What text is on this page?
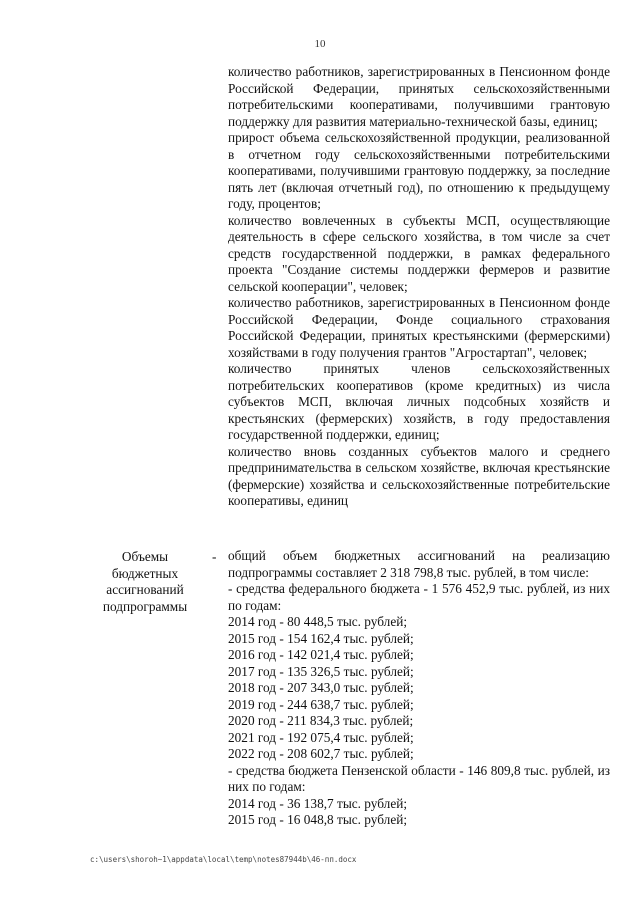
10

количество работников, зарегистрированных в Пенсионном фонде Российской Федерации, принятых сельскохозяйственными потребительскими кооперативами, получившими грантовую поддержку для развития материально-технической базы, единиц;

прирост объема сельскохозяйственной продукции, реализованной в отчетном году сельскохозяйственными потребительскими кооперативами, получившими грантовую поддержку, за последние пять лет (включая отчетный год), по отношению к предыдущему году, процентов;

количество вовлеченных в субъекты МСП, осуществляющие деятельность в сфере сельского хозяйства, в том числе за счет средств государственной поддержки, в рамках федерального проекта "Создание системы поддержки фермеров и развитие сельской кооперации", человек;

количество работников, зарегистрированных в Пенсионном фонде Российской Федерации, Фонде социального страхования Российской Федерации, принятых крестьянскими (фермерскими) хозяйствами в году получения грантов "Агростартап", человек;

количество принятых членов сельскохозяйственных потребительских кооперативов (кроме кредитных) из числа субъектов МСП, включая личных подсобных хозяйств и крестьянских (фермерских) хозяйств, в году предоставления государственной поддержки, единиц;

количество вновь созданных субъектов малого и среднего предпринимательства в сельском хозяйстве, включая крестьянские (фермерские) хозяйства и сельскохозяйственные потребительские кооперативы, единиц

Объемы
бюджетных
ассигнований
подпрограммы
- общий объем бюджетных ассигнований на реализацию подпрограммы составляет 2 318 798,8 тыс. рублей, в том числе:

- средства федерального бюджета - 1 576 452,9 тыс. рублей, из них по годам:

2014 год - 80 448,5 тыс. рублей;
2015 год - 154 162,4 тыс. рублей;
2016 год - 142 021,4 тыс. рублей;
2017 год - 135 326,5 тыс. рублей;
2018 год - 207 343,0 тыс. рублей;
2019 год - 244 638,7 тыс. рублей;
2020 год - 211 834,3 тыс. рублей;
2021 год - 192 075,4 тыс. рублей;
2022 год - 208 602,7 тыс. рублей;

- средства бюджета Пензенской области - 146 809,8 тыс. рублей, из них по годам:

2014 год - 36 138,7 тыс. рублей;
2015 год - 16 048,8 тыс. рублей;
c:\users\shoroh~1\appdata\local\temp\notes87944b\46-пп.docx
